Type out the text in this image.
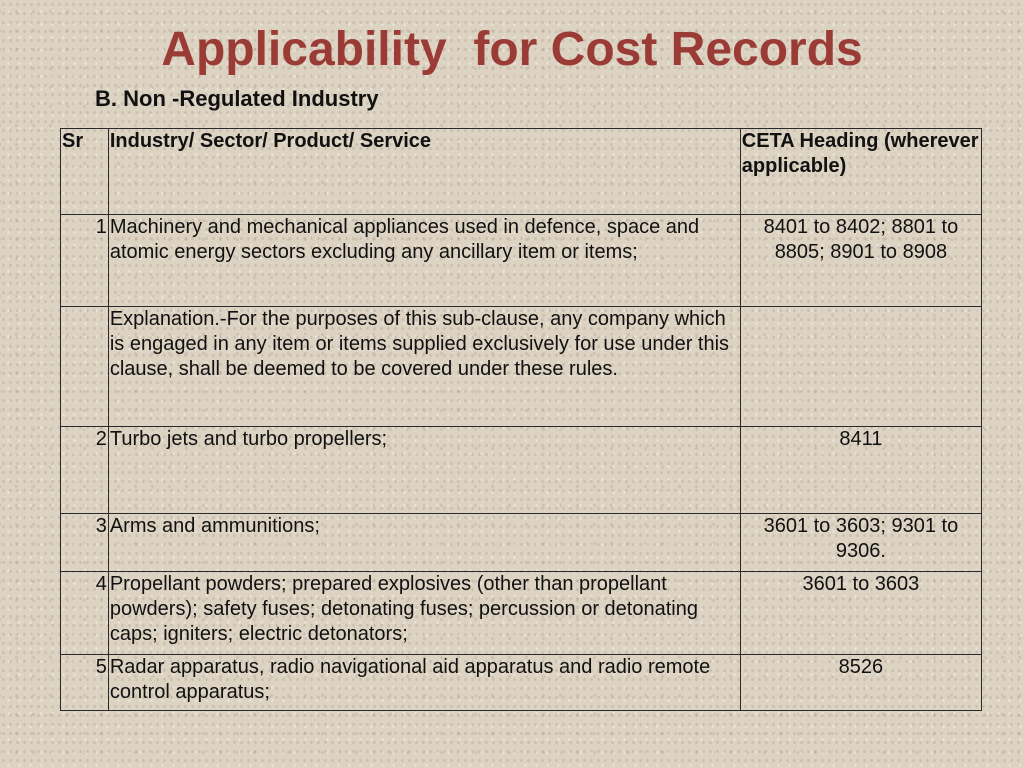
Applicability  for Cost Records
B. Non -Regulated Industry
Sr	Industry/ Sector/ Product/ Service	CETA Heading (wherever applicable)
1	Machinery and mechanical appliances used in defence, space and atomic energy sectors excluding any ancillary item or items;	8401 to 8402; 8801 to 8805; 8901 to 8908
	Explanation.-For the purposes of this sub-clause, any company which is engaged in any item or items supplied exclusively for use under this clause, shall be deemed to be covered under these rules.	
2	Turbo jets and turbo propellers;	8411
3	Arms and ammunitions;	3601 to 3603; 9301 to 9306.
4	Propellant powders; prepared explosives (other than propellant powders); safety fuses; detonating fuses; percussion or detonating caps; igniters; electric detonators;	3601 to 3603
5	Radar apparatus, radio navigational aid apparatus and radio remote control apparatus;	8526
